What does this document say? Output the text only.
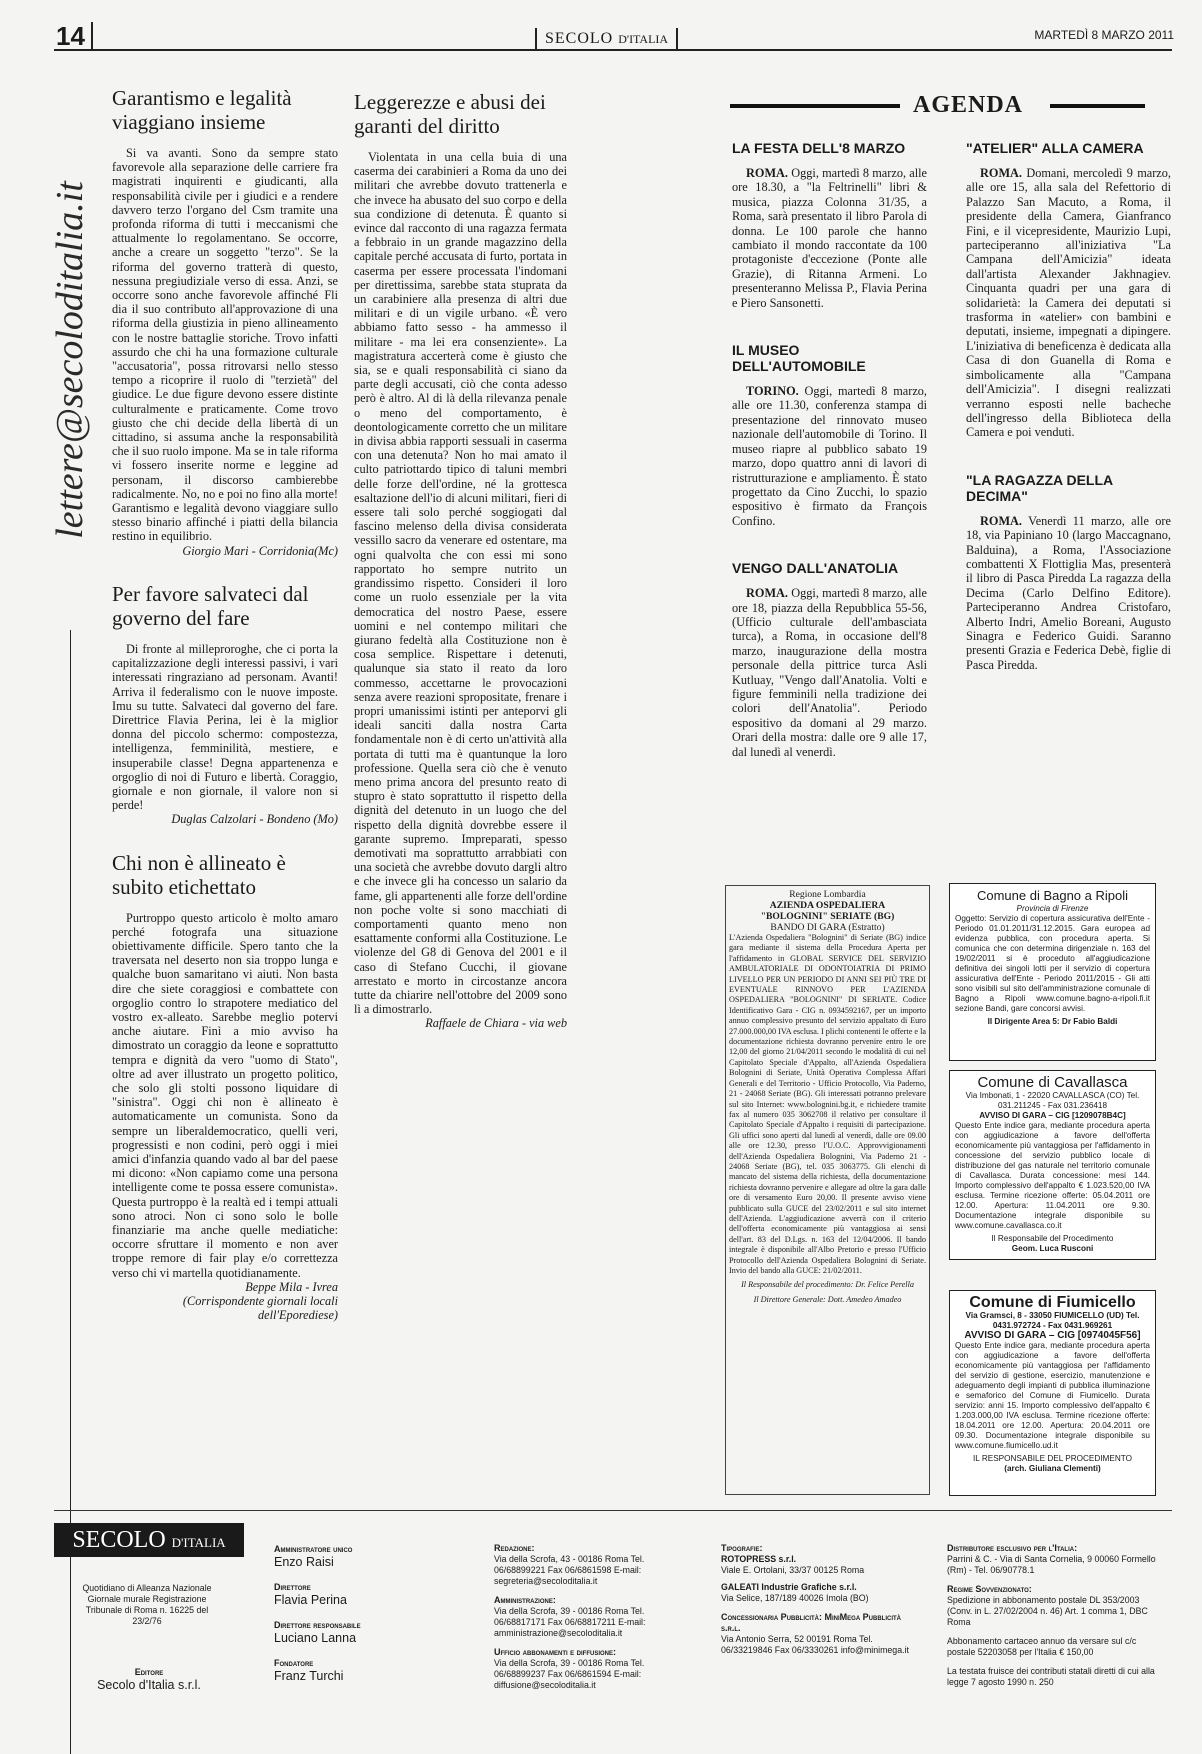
14	SECOLO D'ITALIA	MARTEDÌ 8 MARZO 2011
lettere@secoloditalia.it
Garantismo e legalità viaggiano insieme

Si va avanti. Sono da sempre stato favorevole alla separazione delle carriere fra magistrati inquirenti e giudicanti, alla responsabilità civile per i giudici e a rendere davvero terzo l'organo del Csm tramite una profonda riforma di tutti i meccanismi che attualmente lo regolamentano. Se occorre, anche a creare un soggetto "terzo". Se la riforma del governo tratterà di questo, nessuna pregiudiziale verso di essa. Anzi, se occorre sono anche favorevole affinché Fli dia il suo contributo all'approvazione di una riforma della giustizia in pieno allineamento con le nostre battaglie storiche. Trovo infatti assurdo che chi ha una formazione culturale "accusatoria", possa ritrovarsi nello stesso tempo a ricoprire il ruolo di "terzietà" del giudice. Le due figure devono essere distinte culturalmente e praticamente. Come trovo giusto che chi decide della libertà di un cittadino, si assuma anche la responsabilità che il suo ruolo impone. Ma se in tale riforma vi fossero inserite norme e leggine ad personam, il discorso cambierebbe radicalmente. No, no e poi no fino alla morte! Garantismo e legalità devono viaggiare sullo stesso binario affinché i piatti della bilancia restino in equilibrio.

Giorgio Mari - Corridonia(Mc)
Per favore salvateci dal governo del fare

Di fronte al milleproroghe, che ci porta la capitalizzazione degli interessi passivi, i vari interessati ringraziano ad personam. Avanti! Arriva il federalismo con le nuove imposte. Imu su tutte. Salvateci dal governo del fare. Direttrice Flavia Perina, lei è la miglior donna del piccolo schermo: compostezza, intelligenza, femminilità, mestiere, e insuperabile classe! Degna appartenenza e orgoglio di noi di Futuro e libertà. Coraggio, giornale e non giornale, il valore non si perde!

Duglas Calzolari - Bondeno (Mo)
Chi non è allineato è subito etichettato

Purtroppo questo articolo è molto amaro perché fotografa una situazione obiettivamente difficile. Spero tanto che la traversata nel deserto non sia troppo lunga e qualche buon samaritano vi aiuti. Non basta dire che siete coraggiosi e combattete con orgoglio contro lo strapotere mediatico del vostro ex-alleato. Sarebbe meglio potervi anche aiutare. Finì a mio avviso ha dimostrato un coraggio da leone e soprattutto tempra e dignità da vero "uomo di Stato", oltre ad aver illustrato un progetto politico, che solo gli stolti possono liquidare di "sinistra". Oggi chi non è allineato è automaticamente un comunista. Sono da sempre un liberaldemocratico, quelli veri, progressisti e non codini, però oggi i miei amici d'infanzia quando vado al bar del paese mi dicono: «Non capiamo come una persona intelligente come te possa essere comunista». Questa purtroppo è la realtà ed i tempi attuali sono atroci. Non ci sono solo le bolle finanziarie ma anche quelle mediatiche: occorre sfruttare il momento e non aver troppe remore di fair play e/o correttezza verso chi vi martella quotidianamente.

Beppe Mila - Ivrea
(Corrispondente giornali locali dell'Eporediese)
Leggerezze e abusi dei garanti del diritto

Violentata in una cella buia di una caserma dei carabinieri a Roma da uno dei militari che avrebbe dovuto trattenerla e che invece ha abusato del suo corpo e della sua condizione di detenuta. È quanto si evince dal racconto di una ragazza fermata a febbraio in un grande magazzino della capitale perché accusata di furto, portata in caserma per essere processata l'indomani per direttissima, sarebbe stata stuprata da un carabiniere alla presenza di altri due militari e di un vigile urbano. «È vero abbiamo fatto sesso - ha ammesso il militare - ma lei era consenziente». La magistratura accerterà come è giusto che sia, se e quali responsabilità ci siano da parte degli accusati, ciò che conta adesso però è altro. Al di là della rilevanza penale o meno del comportamento, è deontologicamente corretto che un militare in divisa abbia rapporti sessuali in caserma con una detenuta? Non ho mai amato il culto patriottardo tipico di taluni membri delle forze dell'ordine, né la grottesca esaltazione dell'io di alcuni militari, fieri di essere tali solo perché soggiogati dal fascino melenso della divisa considerata vessillo sacro da venerare ed ostentare, ma ogni qualvolta che con essi mi sono rapportato ho sempre nutrito un grandissimo rispetto. Consideri il loro come un ruolo essenziale per la vita democratica del nostro Paese, essere uomini e nel contempo militari che giurano fedeltà alla Costituzione non è cosa semplice. Rispettare i detenuti, qualunque sia stato il reato da loro commesso, accettarne le provocazioni senza avere reazioni spropositate, frenare i propri umanissimi istinti per anteporvi gli ideali sanciti dalla nostra Carta fondamentale non è di certo un'attività alla portata di tutti ma è quantunque la loro professione. Quella sera ciò che è venuto meno prima ancora del presunto reato di stupro è stato soprattutto il rispetto della dignità del detenuto in un luogo che del rispetto della dignità dovrebbe essere il garante supremo. Impreparati, spesso demotivati ma soprattutto arrabbiati con una società che avrebbe dovuto dargli altro e che invece gli ha concesso un salario da fame, gli appartenenti alle forze dell'ordine non poche volte si sono macchiati di comportamenti quanto meno non esattamente conformi alla Costituzione. Le violenze del G8 di Genova del 2001 e il caso di Stefano Cucchi, il giovane arrestato e morto in circostanze ancora tutte da chiarire nell'ottobre del 2009 sono lì a dimostrarlo.

Raffaele de Chiara - via web
AGENDA
LA FESTA DELL'8 MARZO

ROMA. Oggi, martedì 8 marzo, alle ore 18.30, a "la Feltrinelli" libri & musica, piazza Colonna 31/35, a Roma, sarà presentato il libro Parola di donna. Le 100 parole che hanno cambiato il mondo raccontate da 100 protagoniste d'eccezione (Ponte alle Grazie), di Ritanna Armeni. Lo presenteranno Melissa P., Flavia Perina e Piero Sansonetti.

IL MUSEO DELL'AUTOMOBILE

TORINO. Oggi, martedì 8 marzo, alle ore 11.30, conferenza stampa di presentazione del rinnovato museo nazionale dell'automobile di Torino. Il museo riapre al pubblico sabato 19 marzo, dopo quattro anni di lavori di ristrutturazione e ampliamento. È stato progettato da Cino Zucchi, lo spazio espositivo è firmato da François Confino.

VENGO DALL'ANATOLIA

ROMA. Oggi, martedì 8 marzo, alle ore 18, piazza della Repubblica 55-56, (Ufficio culturale dell'ambasciata turca), a Roma, in occasione dell'8 marzo, inaugurazione della mostra personale della pittrice turca Asli Kutluay, "Vengo dall'Anatolia. Volti e figure femminili nella tradizione dei colori dell'Anatolia". Periodo espositivo da domani al 29 marzo. Orari della mostra: dalle ore 9 alle 17, dal lunedì al venerdì.

"ATELIER" ALLA CAMERA

ROMA. Domani, mercoledì 9 marzo, alle ore 15, alla sala del Refettorio di Palazzo San Macuto, a Roma, il presidente della Camera, Gianfranco Fini, e il vicepresidente, Maurizio Lupi, parteciperanno all'iniziativa "La Campana dell'Amicizia" ideata dall'artista Alexander Jakhnagiev. Cinquanta quadri per una gara di solidarietà: la Camera dei deputati si trasforma in «atelier» con bambini e deputati, insieme, impegnati a dipingere. L'iniziativa di beneficenza è dedicata alla Casa di don Guanella di Roma e simbolicamente alla "Campana dell'Amicizia". I disegni realizzati verranno esposti nelle bacheche dell'ingresso della Biblioteca della Camera e poi venduti.

"LA RAGAZZA DELLA DECIMA"

ROMA. Venerdì 11 marzo, alle ore 18, via Papiniano 10 (largo Maccagnano, Balduina), a Roma, l'Associazione combattenti X Flottiglia Mas, presenterà il libro di Pasca Piredda La ragazza della Decima (Carlo Delfino Editore). Parteciperanno Andrea Cristofaro, Alberto Indri, Amelio Boreani, Augusto Sinagra e Federico Guidi. Saranno presenti Grazia e Federica Debè, figlie di Pasca Piredda.

Regione Lombardia
AZIENDA OSPEDALIERA
"BOLOGNINI" SERIATE (BG)
BANDO DI GARA (Estratto)
L'Azienda Ospedaliera "Bolognini" di Seriate (BG) indice gara mediante il sistema della Procedura Aperta per l'affidamento in GLOBAL SERVICE DEL SERVIZIO AMBULATORIALE DI ODONTOIATRIA DI PRIMO LIVELLO PER UN PERIODO DI ANNI SEI PIÙ TRE DI EVENTUALE RINNOVO PER L'AZIENDA OSPEDALIERA "BOLOGNINI" DI SERIATE. Codice Identificativo Gara - CIG n. 0934592167, per un importo annuo complessivo presunto del servizio appaltato di Euro 27.000.000,00 IVA esclusa. I plichi contenenti le offerte e la documentazione richiesta dovranno pervenire entro le ore 12,00 del giorno 21/04/2011 secondo le modalità di cui nel Capitolato Speciale d'Appalto, all'Azienda Ospedaliera Bolognini di Seriate, Unità Operativa Complessa Affari Generali e del Territorio - Ufficio Protocollo, Via Paderno, 21 - 24068 Seriate (BG). Gli interessati potranno prelevare sul sito Internet: www.bolognini.bg.it, e richiedere tramite fax al numero 035 3062708 il relativo per consultare il Capitolato Speciale d'Appalto i requisiti di partecipazione. Gli uffici sono aperti dal lunedì al venerdì, dalle ore 09.00 alle ore 12.30, presso l'U.O.C. Approvvigionamenti dell'Azienda Ospedaliera Bolognini, Via Paderno 21 - 24068 Seriate (BG), tel. 035 3063775. Gli elenchi di mancato del sistema della richiesta, della documentazione richiesta dovranno pervenire e allegare ad oltre la gara dalle ore di versamento Euro 20,00. Il presente avviso viene pubblicato sulla GUCE del 23/02/2011 e sul sito internet dell'Azienda. L'aggiudicazione avverrà con il criterio dell'offerta economicamente più vantaggiosa ai sensi dell'art. 83 del D.Lgs. n. 163 del 12/04/2006. Il bando integrale è disponibile all'Albo Pretorio e presso l'Ufficio Protocollo dell'Azienda Ospedaliera Bolognini di Seriate. Invio del bando alla GUCE: 21/02/2011.
Il Responsabile del procedimento: Dr. Felice Perella
Il Direttore Generale: Dott. Amedeo Amadeo
Comune di Bagno a Ripoli
Provincia di Firenze
Oggetto: Servizio di copertura assicurativa dell'Ente - Periodo 01.01.2011/31.12.2015. Gara europea ad evidenza pubblica, con procedura aperta. Si comunica che con determina dirigenziale n. 163 del 19/02/2011 si è proceduto all'aggiudicazione definitiva dei singoli lotti per il servizio di copertura assicurativa dell'Ente - Periodo 2011/2015 - Gli atti sono visibili sul sito dell'amministrazione comunale di Bagno a Ripoli www.comune.bagno-a-ripoli.fi.it sezione Bandi, gare concorsi avvisi.
Il Dirigente Area 5: Dr Fabio Baldi
Comune di Cavallasca
Via Imbonati, 1 - 22020 CAVALLASCA (CO) Tel. 031.211245 - Fax 031.236418
AVVISO DI GARA – CIG [1209078B4C]
Questo Ente indice gara, mediante procedura aperta con aggiudicazione a favore dell'offerta economicamente più vantaggiosa per l'affidamento in concessione del servizio pubblico locale di distribuzione del gas naturale nel territorio comunale di Cavallasca. Durata concessione: mesi 144. Importo complessivo dell'appalto € 1.023.520,00 IVA esclusa. Termine ricezione offerte: 05.04.2011 ore 12.00. Apertura: 11.04.2011 ore 9.30. Documentazione integrale disponibile su www.comune.cavallasca.co.it
Il Responsabile del Procedimento
Geom. Luca Rusconi
Comune di Fiumicello
Via Gramsci, 8 - 33050 FIUMICELLO (UD) Tel. 0431.972724 - Fax 0431.969261
AVVISO DI GARA – CIG [0974045F56]
Questo Ente indice gara, mediante procedura aperta con aggiudicazione a favore dell'offerta economicamente più vantaggiosa per l'affidamento del servizio di gestione, esercizio, manutenzione e adeguamento degli impianti di pubblica illuminazione e semaforico del Comune di Fiumicello. Durata servizio: anni 15. Importo complessivo dell'appalto € 1.203.000,00 IVA esclusa. Termine ricezione offerte: 18.04.2011 ore 12.00. Apertura: 20.04.2011 ore 09.30. Documentazione integrale disponibile su www.comune.fiumicello.ud.it
IL RESPONSABILE DEL PROCEDIMENTO
(arch. Giuliana Clementi)
SECOLO D'ITALIA
Quotidiano di Alleanza Nazionale Giornale murale Registrazione Tribunale di Roma n. 16225 del 23/2/76
Editore
Secolo d'Italia s.r.l.
Amministratore unico
Enzo Raisi
Direttore
Flavia Perina
Direttore responsabile
Luciano Lanna
Fondatore
Franz Turchi
Redazione:
Via della Scrofa, 43 - 00186 Roma Tel. 06/68899221 Fax 06/6861598 E-mail: segreteria@secoloditalia.it
Amministrazione:
Via della Scrofa, 39 - 00186 Roma Tel. 06/68817171 Fax 06/68817211 E-mail: amministrazione@secoloditalia.it
Ufficio abbonamenti e diffusione:
Via della Scrofa, 39 - 00186 Roma Tel. 06/68899237 Fax 06/6861594 E-mail: diffusione@secoloditalia.it
Tipografie:
ROTOPRESS s.r.l.
Viale E. Ortolani, 33/37 00125 Roma
GALEATI Industrie Grafiche s.r.l.
Via Selice, 187/189 40026 Imola (BO)
Concessionaria Pubblicità: MiniMega Pubblicità s.r.l.
Via Antonio Serra, 52 00191 Roma Tel. 06/33219846 Fax 06/3330261 info@minimega.it
Distributore esclusivo per l'Italia:
Parrini & C. - Via di Santa Cornelia, 9 00060 Formello (Rm) - Tel. 06/90778.1
Regime Sovvenzionato:
Spedizione in abbonamento postale DL 353/2003 (Conv. in L. 27/02/2004 n. 46) Art. 1 comma 1, DBC Roma
Abbonamento cartaceo annuo da versare sul c/c postale 52203058 per l'Italia € 150,00
La testata fruisce dei contributi statali diretti di cui alla legge 7 agosto 1990 n. 250
